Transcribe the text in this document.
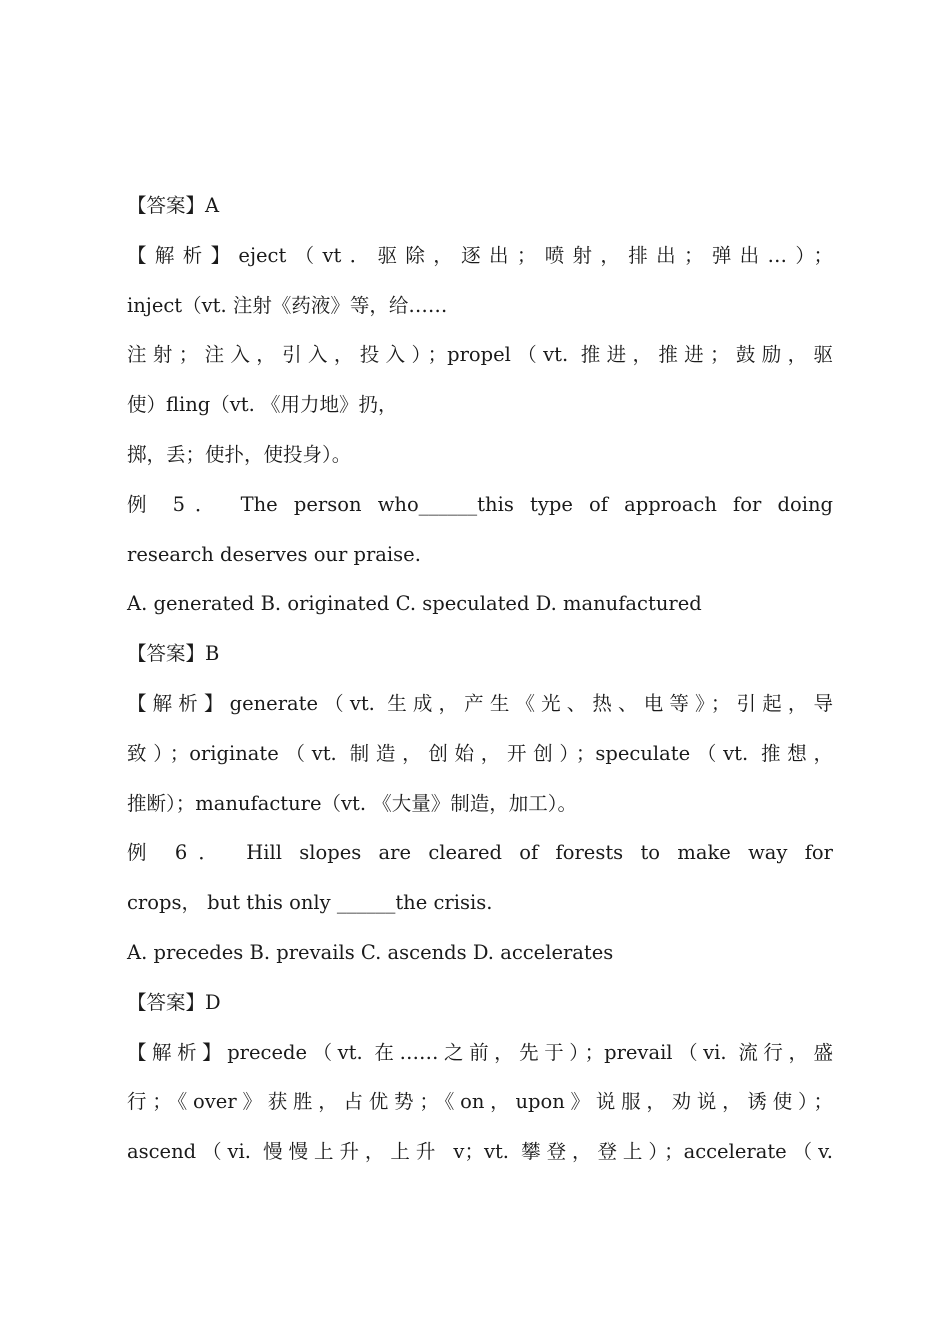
【答案】A
【解析】eject（vt．驱除，逐出；喷射，排出；弹出…）；
inject（vt. 注射《药液》等，给……
注射；注入，引入，投入）；propel（vt. 推进，推进；鼓励，驱
使）fling（vt. 《用力地》扔，
掷，丢；使扑，使投身）。
例 5． The person who______this type of approach for doing
research deserves our praise.
A. generated B. originated C. speculated D. manufactured
【答案】B
【解析】generate（vt. 生成，产生《光、热、电等》；引起，导
致）；originate（vt. 制造，创始，开创）；speculate（vt. 推想，
推断）；manufacture（vt. 《大量》制造，加工）。
例 6． Hill slopes are cleared of forests to make way for
crops， but this only ______the crisis.
A. precedes B. prevails C. ascends D. accelerates
【答案】D
【解析】precede（vt. 在……之前，先于）；prevail（vi. 流行，盛
行；《over》获胜，占优势；《on，upon》说服，劝说，诱使）；
ascend（vi. 慢慢上升，上升 v；vt. 攀登，登上）；accelerate（v.
